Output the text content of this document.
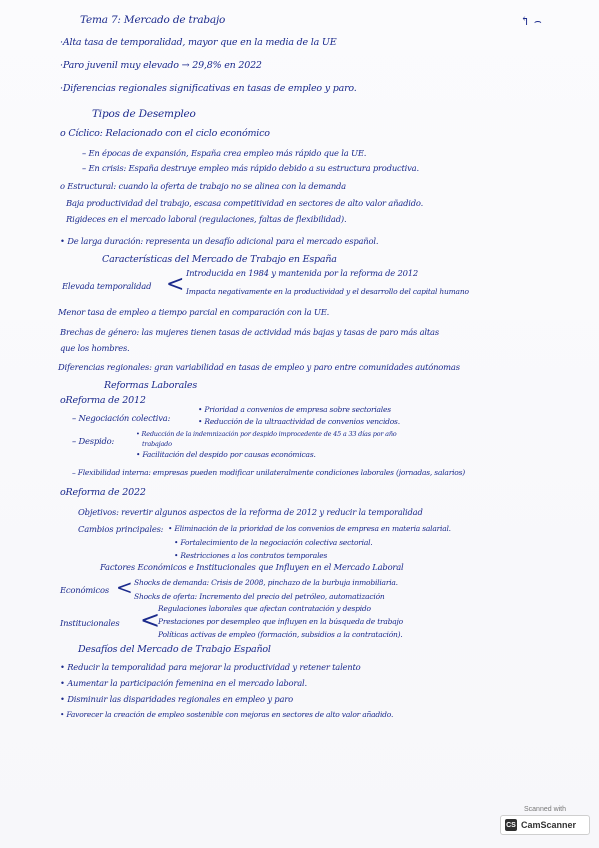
↰ ⌢
Tema 7: Mercado de trabajo
·Alta tasa de temporalidad, mayor que en la media de la UE
·Paro juvenil muy elevado → 29,8% en 2022
·Diferencias regionales significativas en tasas de empleo y paro.
Tipos de Desempleo
o Cíclico: Relacionado con el ciclo económico
– En épocas de expansión, España crea empleo más rápido que la UE.
– En crisis: España destruye empleo más rápido debido a su estructura productiva.
o Estructural: cuando la oferta de trabajo no se alinea con la demanda
Baja productividad del trabajo, escasa competitividad en sectores de alto valor añadido.
Rigideces en el mercado laboral (regulaciones, faltas de flexibilidad).
• De larga duración: representa un desafío adicional para el mercado español.
Características del Mercado de Trabajo en España
Elevada temporalidad < Introducida en 1984 y mantenida por la reforma de 2012
Impacta negativamente en la productividad y el desarrollo del capital humano
Menor tasa de empleo a tiempo parcial en comparación con la UE.
Brechas de género: las mujeres tienen tasas de actividad más bajas y tasas de paro más altas
que los hombres.
Diferencias regionales: gran variabilidad en tasas de empleo y paro entre comunidades autónomas
Reformas Laborales
oReforma de 2012
– Negociación colectiva:
• Prioridad a convenios de empresa sobre sectoriales
• Reducción de la ultraactividad de convenios vencidos.
– Despido:
• Reducción de la indemnización por despido improcedente de 45 a 33 días por año
trabajado
• Facilitación del despido por causas económicas.
– Flexibilidad interna: empresas pueden modificar unilateralmente condiciones laborales (jornadas, salarios)
oReforma de 2022
Objetivos: revertir algunos aspectos de la reforma de 2012 y reducir la temporalidad
Cambios principales: • Eliminación de la prioridad de los convenios de empresa en materia salarial.
• Fortalecimiento de la negociación colectiva sectorial.
• Restricciones a los contratos temporales
Factores Económicos e Institucionales que Influyen en el Mercado Laboral
Económicos < Shocks de demanda: Crisis de 2008, pinchazo de la burbuja inmobiliaria.
Shocks de oferta: Incremento del precio del petróleo, automatización
Institucionales <
Regulaciones laborales que afectan contratación y despido
Prestaciones por desempleo que influyen en la búsqueda de trabajo
Políticas activas de empleo (formación, subsidios a la contratación).
Desafíos del Mercado de Trabajo Español
• Reducir la temporalidad para mejorar la productividad y retener talento
• Aumentar la participación femenina en el mercado laboral.
• Disminuir las disparidades regionales en empleo y paro
• Favorecer la creación de empleo sostenible con mejoras en sectores de alto valor añadido.
Scanned with
CS CamScanner
